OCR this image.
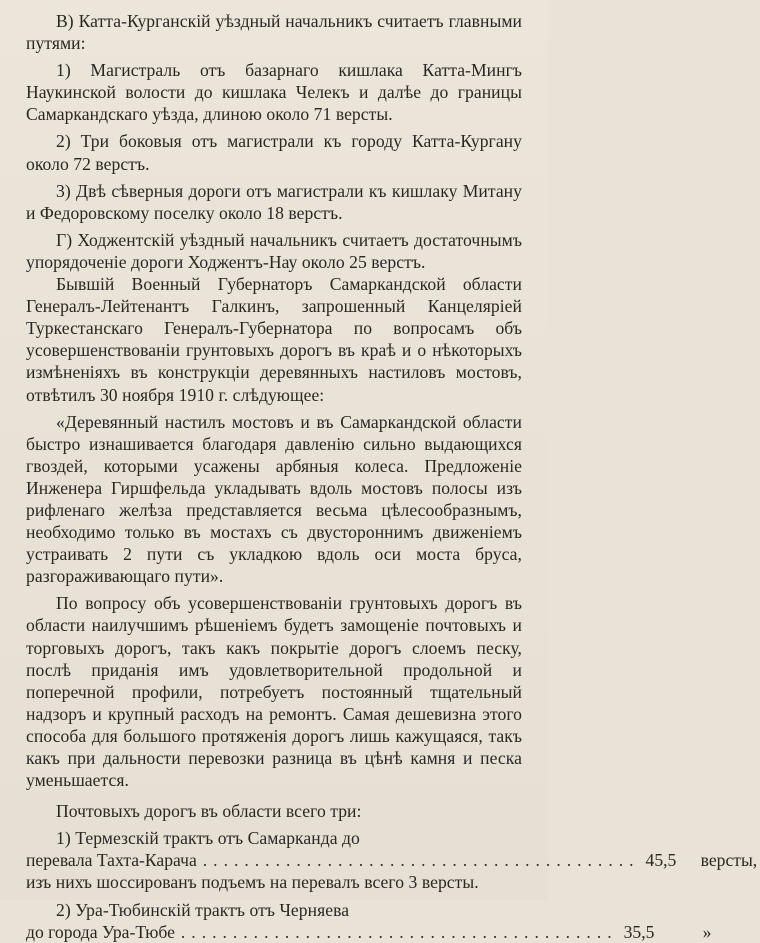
В) Катта-Курганскій уѣздный начальникъ считаетъ главными путями:

1) Магистраль отъ базарнаго кишлака Катта-Мингъ Наукинской волости до кишлака Челекъ и далѣе до границы Самаркандскаго уѣзда, длиною около 71 версты.

2) Три боковыя отъ магистрали къ городу Катта-Кургану около 72 верстъ.

3) Двѣ сѣверныя дороги отъ магистрали къ кишлаку Митану и Федоровскому поселку около 18 верстъ.

Г) Ходжентскій уѣздный начальникъ считаетъ достаточнымъ упорядоченіе дороги Ходжентъ-Нау около 25 верстъ.

Бывшій Военный Губернаторъ Самаркандской области Генералъ-Лейтенантъ Галкинъ, запрошенный Канцеляріей Туркестанскаго Генералъ-Губернатора по вопросамъ объ усовершенствованіи грунтовыхъ дорогъ въ краѣ и о нѣкоторыхъ измѣненіяхъ въ конструкціи деревянныхъ настиловъ мостовъ, отвѣтилъ 30 ноября 1910 г. слѣдующее:

«Деревянный настилъ мостовъ и въ Самаркандской области быстро изнашивается благодаря давленію сильно выдающихся гвоздей, которыми усажены арбяныя колеса. Предложеніе Инженера Гиршфельда укладывать вдоль мостовъ полосы изъ рифленаго желѣза представляется весьма цѣлесообразнымъ, необходимо только въ мостахъ съ двустороннимъ движеніемъ устраивать 2 пути съ укладкою вдоль оси моста бруса, разгораживающаго пути».

По вопросу объ усовершенствованіи грунтовыхъ дорогъ въ области наилучшимъ рѣшеніемъ будетъ замощеніе почтовыхъ и торговыхъ дорогъ, такъ какъ покрытіе дорогъ слоемъ песку, послѣ приданія имъ удовлетворительной продольной и поперечной профили, потребуетъ постоянный тщательный надзоръ и крупный расходъ на ремонтъ. Самая дешевизна этого способа для большого протяженія дорогъ лишь кажущаяся, такъ какъ при дальности перевозки разница въ цѣнѣ камня и песка уменьшается.

Почтовыхъ дорогъ въ области всего три:

1) Термезскій трактъ отъ Самарканда до

перевала Тахта-Карача .......................................... 45,5 версты,

изъ нихъ шоссированъ подъемъ на перевалъ всего 3 версты.

2) Ура-Тюбинскій трактъ отъ Черняева

до города Ура-Тюбе .......................................... 35,5	»
